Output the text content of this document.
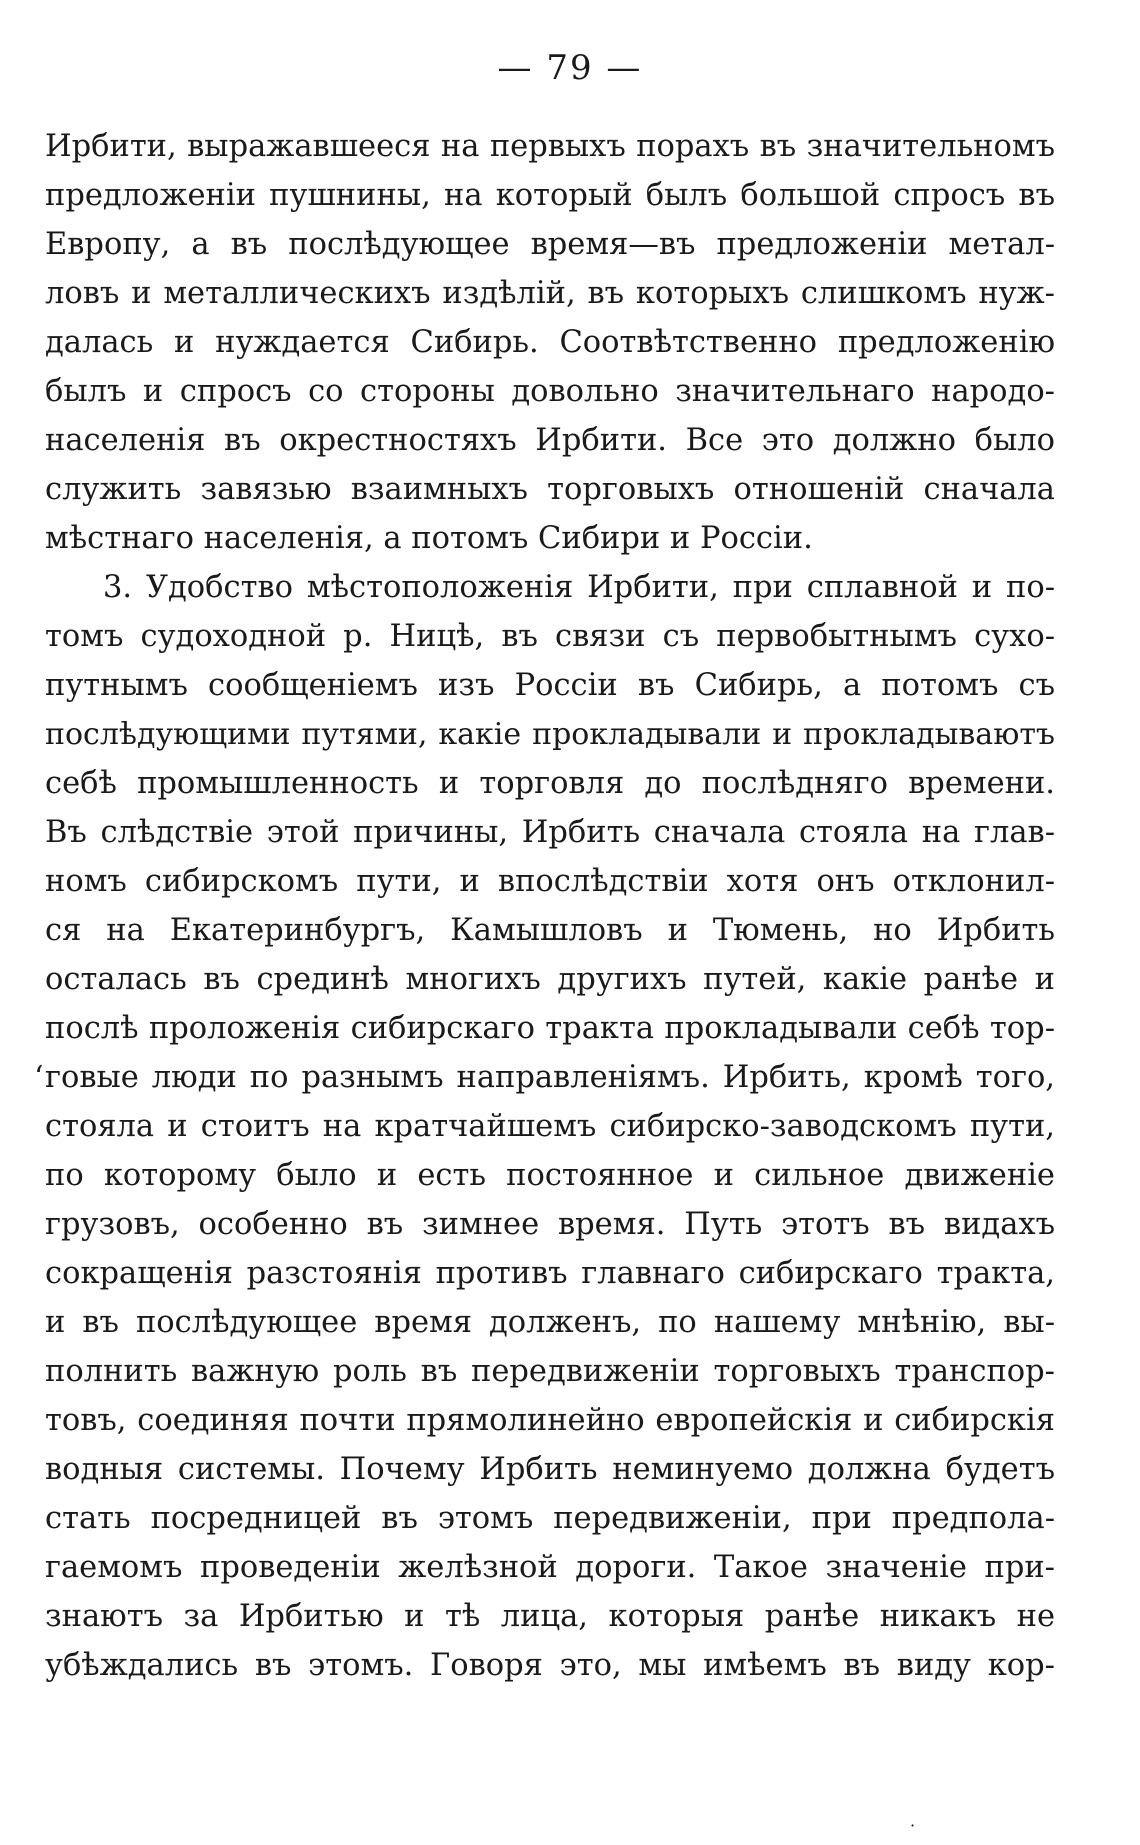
— 79 —
‘
Ирбити, выражавшееся на первыхъ порахъ въ значительномъ
предложенiи пушнины, на который былъ большой спросъ въ
Европу, а въ послѣдующее время—въ предложенiи метал-
ловъ и металлическихъ издѣлiй, въ которыхъ слишкомъ нуж-
далась и нуждается Сибирь. Соотвѣтственно предложенiю
былъ и спросъ со стороны довольно значительнаго народо-
населенiя въ окрестностяхъ Ирбити. Все это должно было
служить завязью взаимныхъ торговыхъ отношенiй сначала
мѣстнаго населенiя, а потомъ Сибири и Россiи.
3. Удобство мѣстоположенiя Ирбити, при сплавной и по-
томъ судоходной р. Ницѣ, въ связи съ первобытнымъ сухо-
путнымъ сообщенiемъ изъ Россiи въ Сибирь, а потомъ съ
послѣдующими путями, какiе прокладывали и прокладываютъ
себѣ промышленность и торговля до послѣдняго времени.
Въ слѣдствiе этой причины, Ирбить сначала стояла на глав-
номъ сибирскомъ пути, и впослѣдствiи хотя онъ отклонил-
ся на Екатеринбургъ, Камышловъ и Тюмень, но Ирбить
осталась въ срединѣ многихъ другихъ путей, какiе ранѣе и
послѣ проложенiя сибирскаго тракта прокладывали себѣ тор-
говые люди по разнымъ направленiямъ. Ирбить, кромѣ того,
стояла и стоитъ на кратчайшемъ сибирско-заводскомъ пути,
по которому было и есть постоянное и сильное движенiе
грузовъ, особенно въ зимнее время. Путь этотъ въ видахъ
сокращенiя разстоянiя противъ главнаго сибирскаго тракта,
и въ послѣдующее время долженъ, по нашему мнѣнiю, вы-
полнить важную роль въ передвиженiи торговыхъ транспор-
товъ, соединяя почти прямолинейно европейскiя и сибирскiя
водныя системы. Почему Ирбить неминуемо должна будетъ
стать посредницей въ этомъ передвиженiи, при предпола-
гаемомъ проведенiи желѣзной дороги. Такое значенiе при-
знаютъ за Ирбитью и тѣ лица, которыя ранѣе никакъ не
убѣждались въ этомъ. Говоря это, мы имѣемъ въ виду кор-
·
